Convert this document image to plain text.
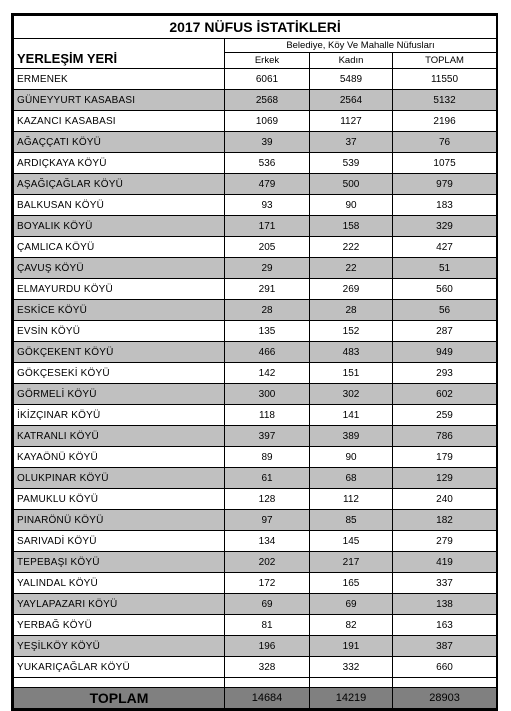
2017 NÜFUS İSTATİKLERİ			
YERLEŞİM YERİ	Belediye, Köy Ve Mahalle Nüfusları		
	Erkek	Kadın	TOPLAM
ERMENEK	6061	5489	11550
GÜNEYYURT KASABASI	2568	2564	5132
KAZANCI KASABASI	1069	1127	2196
AĞAÇÇATI KÖYÜ	39	37	76
ARDIÇKAYA KÖYÜ	536	539	1075
AŞAĞIÇAĞLAR KÖYÜ	479	500	979
BALKUSAN KÖYÜ	93	90	183
BOYALIK KÖYÜ	171	158	329
ÇAMLICA KÖYÜ	205	222	427
ÇAVUŞ KÖYÜ	29	22	51
ELMAYURDU KÖYÜ	291	269	560
ESKİCE KÖYÜ	28	28	56
EVSİN KÖYÜ	135	152	287
GÖKÇEKENT KÖYÜ	466	483	949
GÖKÇESEKİ KÖYÜ	142	151	293
GÖRMELİ KÖYÜ	300	302	602
İKİZÇINAR KÖYÜ	118	141	259
KATRANLI KÖYÜ	397	389	786
KAYAÖNÜ KÖYÜ	89	90	179
OLUKPINAR KÖYÜ	61	68	129
PAMUKLU KÖYÜ	128	112	240
PINARÖNÜ KÖYÜ	97	85	182
SARIVADİ KÖYÜ	134	145	279
TEPEBAŞI KÖYÜ	202	217	419
YALINDAL KÖYÜ	172	165	337
YAYLAPAZARI KÖYÜ	69	69	138
YERBAĞ KÖYÜ	81	82	163
YEŞİLKÖY KÖYÜ	196	191	387
YUKARIÇAĞLAR KÖYÜ	328	332	660

TOPLAM	14684	14219	28903
